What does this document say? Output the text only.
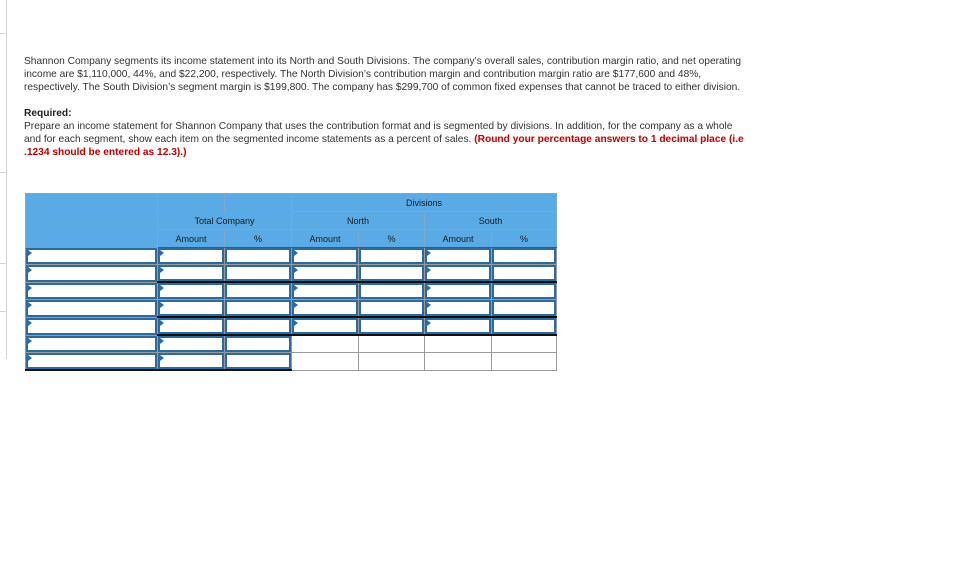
Shannon Company segments its income statement into its North and South Divisions. The company’s overall sales, contribution margin ratio, and net operating income are $1,110,000, 44%, and $22,200, respectively. The North Division’s contribution margin and contribution margin ratio are $177,600 and 48%, respectively. The South Division’s segment margin is $199,800. The company has $299,700 of common fixed expenses that cannot be traced to either division.

Required:

Prepare an income statement for Shannon Company that uses the contribution format and is segmented by divisions. In addition, for the company as a whole and for each segment, show each item on the segmented income statements as a percent of sales. (Round your percentage answers to 1 decimal place (i.e .1234 should be entered as 12.3).)

			Divisions			
	Total Company		North		South	
	Amount	%	Amount	%	Amount	%
